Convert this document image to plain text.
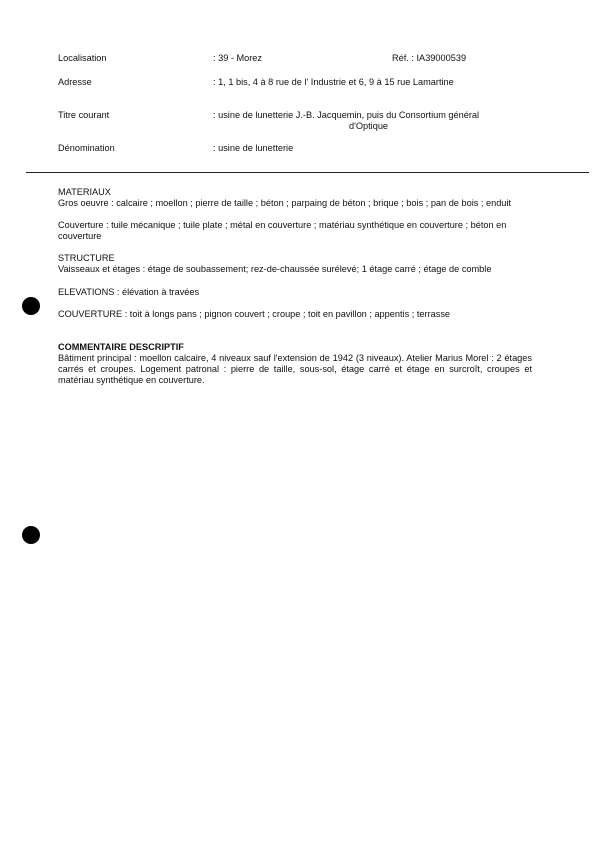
Localisation	: 39 - Morez	Réf. : IA39000539
Adresse	: 1, 1 bis, 4 à 8 rue de l' Industrie et 6, 9 à 15 rue Lamartine
Titre courant	: usine de lunetterie J.-B. Jacquemin, puis du Consortium général
d'Optique
Dénomination	: usine de lunetterie
MATERIAUX
Gros oeuvre : calcaire ; moellon ; pierre de taille ; béton ; parpaing de béton ; brique ; bois ; pan de bois ; enduit
Couverture : tuile mécanique ; tuile plate ; métal en couverture ; matériau synthétique en couverture ; béton en couverture
STRUCTURE
Vaisseaux et étages : étage de soubassement; rez-de-chaussée surélevé; 1 étage carré ; étage de comble
ELEVATIONS : élévation à travées
COUVERTURE : toit à longs pans ; pignon couvert ; croupe ; toit en pavillon ; appentis ; terrasse
COMMENTAIRE DESCRIPTIF
Bâtiment principal : moellon calcaire, 4 niveaux sauf l'extension de 1942 (3 niveaux). Atelier Marius Morel : 2 étages carrés et croupes. Logement patronal : pierre de taille, sous-sol, étage carré et étage en surcroît, croupes et matériau synthétique en couverture.
